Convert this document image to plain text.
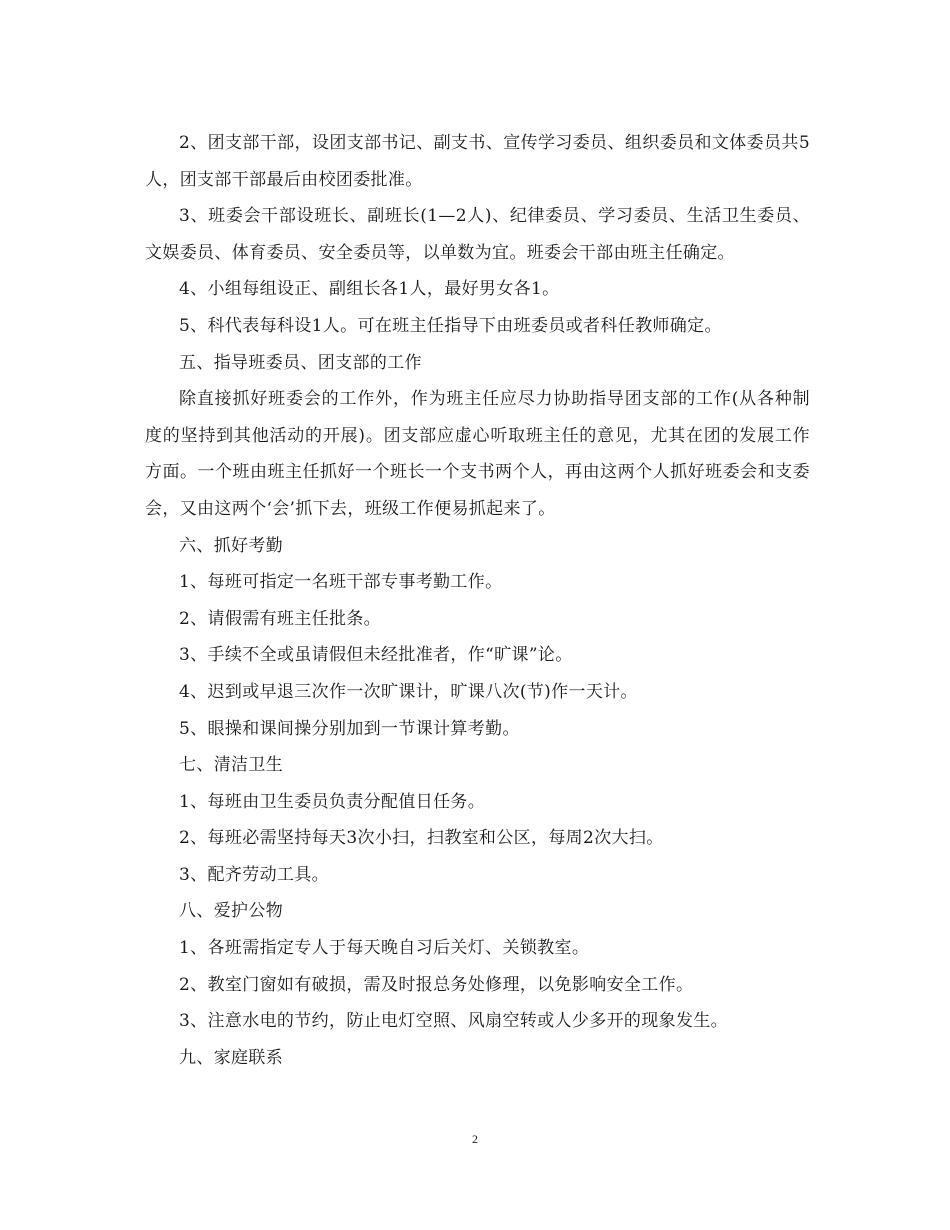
2、团支部干部，设团支部书记、副支书、宣传学习委员、组织委员和文体委员共5人，团支部干部最后由校团委批准。

3、班委会干部设班长、副班长(1—2人)、纪律委员、学习委员、生活卫生委员、文娱委员、体育委员、安全委员等，以单数为宜。班委会干部由班主任确定。

4、小组每组设正、副组长各1人，最好男女各1。

5、科代表每科设1人。可在班主任指导下由班委员或者科任教师确定。

五、指导班委员、团支部的工作

除直接抓好班委会的工作外，作为班主任应尽力协助指导团支部的工作(从各种制度的坚持到其他活动的开展)。团支部应虚心听取班主任的意见，尤其在团的发展工作方面。一个班由班主任抓好一个班长一个支书两个人，再由这两个人抓好班委会和支委会，又由这两个‘会’抓下去，班级工作便易抓起来了。

六、抓好考勤

1、每班可指定一名班干部专事考勤工作。

2、请假需有班主任批条。

3、手续不全或虽请假但未经批准者，作“旷课”论。

4、迟到或早退三次作一次旷课计，旷课八次(节)作一天计。

5、眼操和课间操分别加到一节课计算考勤。

七、清洁卫生

1、每班由卫生委员负责分配值日任务。

2、每班必需坚持每天3次小扫，扫教室和公区，每周2次大扫。

3、配齐劳动工具。

八、爱护公物

1、各班需指定专人于每天晚自习后关灯、关锁教室。

2、教室门窗如有破损，需及时报总务处修理，以免影响安全工作。

3、注意水电的节约，防止电灯空照、风扇空转或人少多开的现象发生。

九、家庭联系

2
